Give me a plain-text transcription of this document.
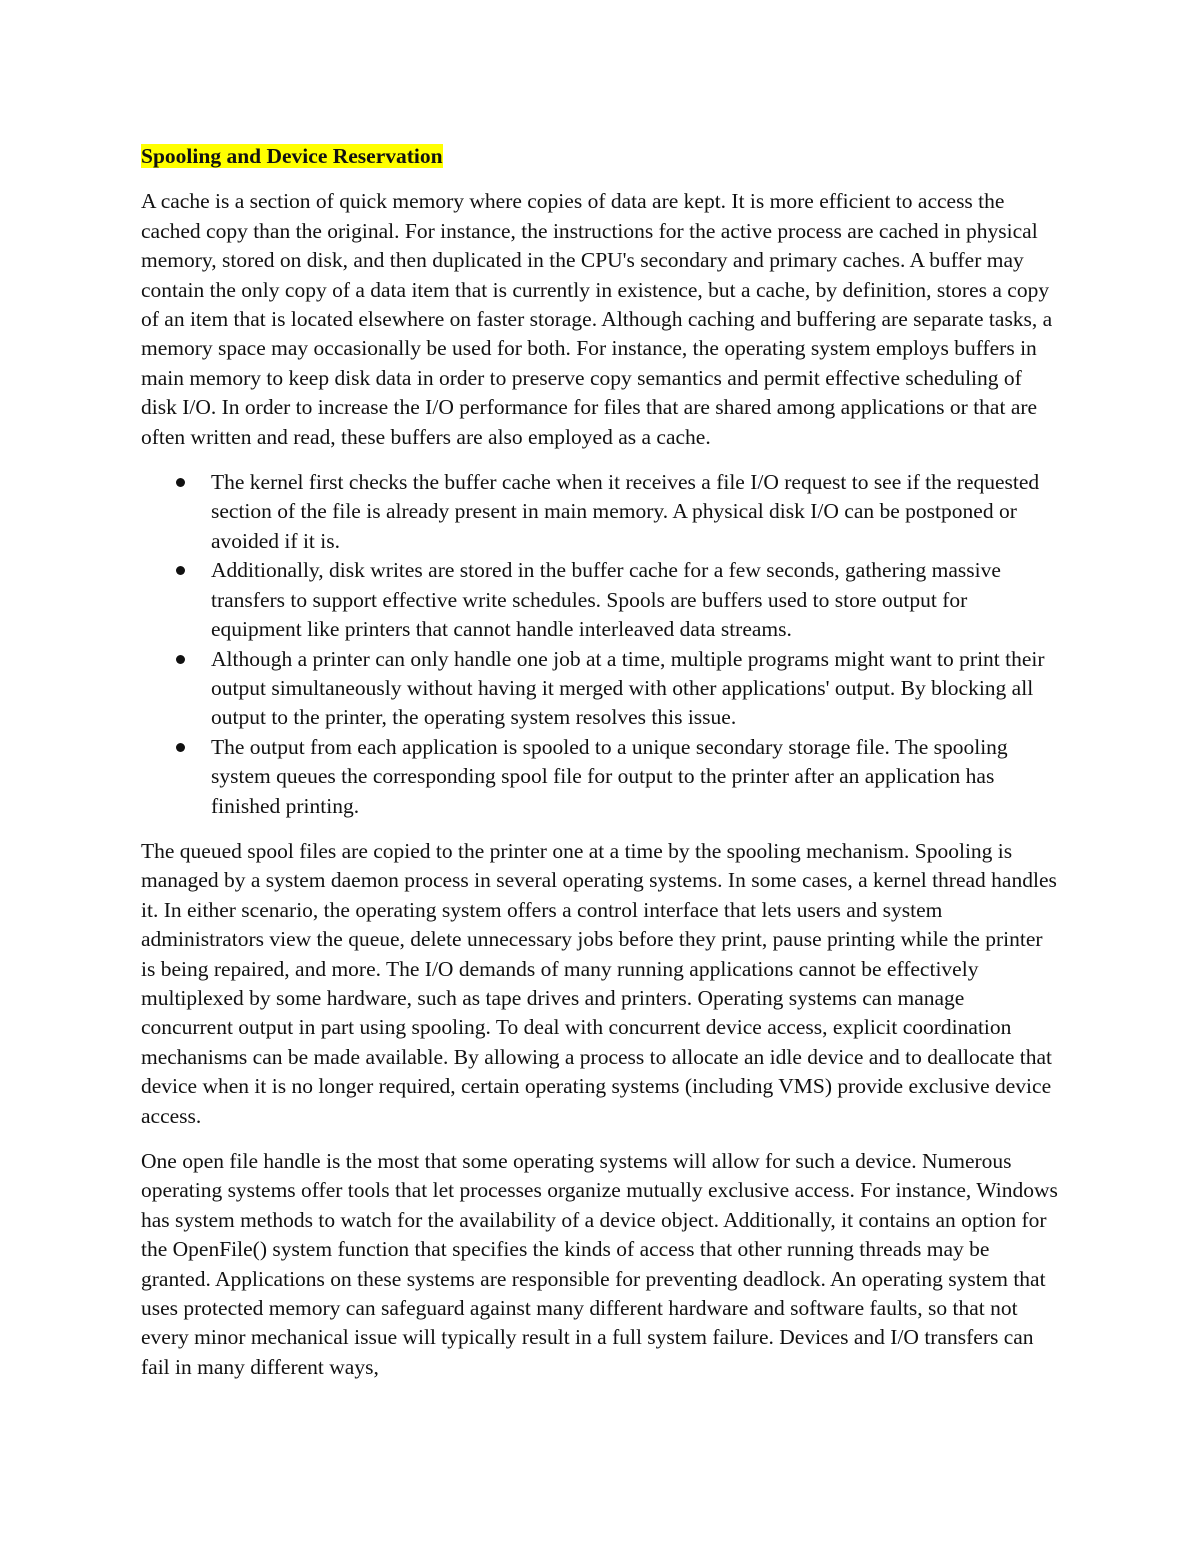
Spooling and Device Reservation

A cache is a section of quick memory where copies of data are kept. It is more efficient to access the cached copy than the original. For instance, the instructions for the active process are cached in physical memory, stored on disk, and then duplicated in the CPU's secondary and primary caches. A buffer may contain the only copy of a data item that is currently in existence, but a cache, by definition, stores a copy of an item that is located elsewhere on faster storage. Although caching and buffering are separate tasks, a memory space may occasionally be used for both. For instance, the operating system employs buffers in main memory to keep disk data in order to preserve copy semantics and permit effective scheduling of disk I/O. In order to increase the I/O performance for files that are shared among applications or that are often written and read, these buffers are also employed as a cache.

The kernel first checks the buffer cache when it receives a file I/O request to see if the requested section of the file is already present in main memory. A physical disk I/O can be postponed or avoided if it is.
Additionally, disk writes are stored in the buffer cache for a few seconds, gathering massive transfers to support effective write schedules. Spools are buffers used to store output for equipment like printers that cannot handle interleaved data streams.
Although a printer can only handle one job at a time, multiple programs might want to print their output simultaneously without having it merged with other applications' output. By blocking all output to the printer, the operating system resolves this issue.
The output from each application is spooled to a unique secondary storage file. The spooling system queues the corresponding spool file for output to the printer after an application has finished printing.

The queued spool files are copied to the printer one at a time by the spooling mechanism. Spooling is managed by a system daemon process in several operating systems. In some cases, a kernel thread handles it. In either scenario, the operating system offers a control interface that lets users and system administrators view the queue, delete unnecessary jobs before they print, pause printing while the printer is being repaired, and more. The I/O demands of many running applications cannot be effectively multiplexed by some hardware, such as tape drives and printers. Operating systems can manage concurrent output in part using spooling. To deal with concurrent device access, explicit coordination mechanisms can be made available. By allowing a process to allocate an idle device and to deallocate that device when it is no longer required, certain operating systems (including VMS) provide exclusive device access.

One open file handle is the most that some operating systems will allow for such a device. Numerous operating systems offer tools that let processes organize mutually exclusive access. For instance, Windows has system methods to watch for the availability of a device object. Additionally, it contains an option for the OpenFile() system function that specifies the kinds of access that other running threads may be granted. Applications on these systems are responsible for preventing deadlock. An operating system that uses protected memory can safeguard against many different hardware and software faults, so that not every minor mechanical issue will typically result in a full system failure. Devices and I/O transfers can fail in many different ways,
